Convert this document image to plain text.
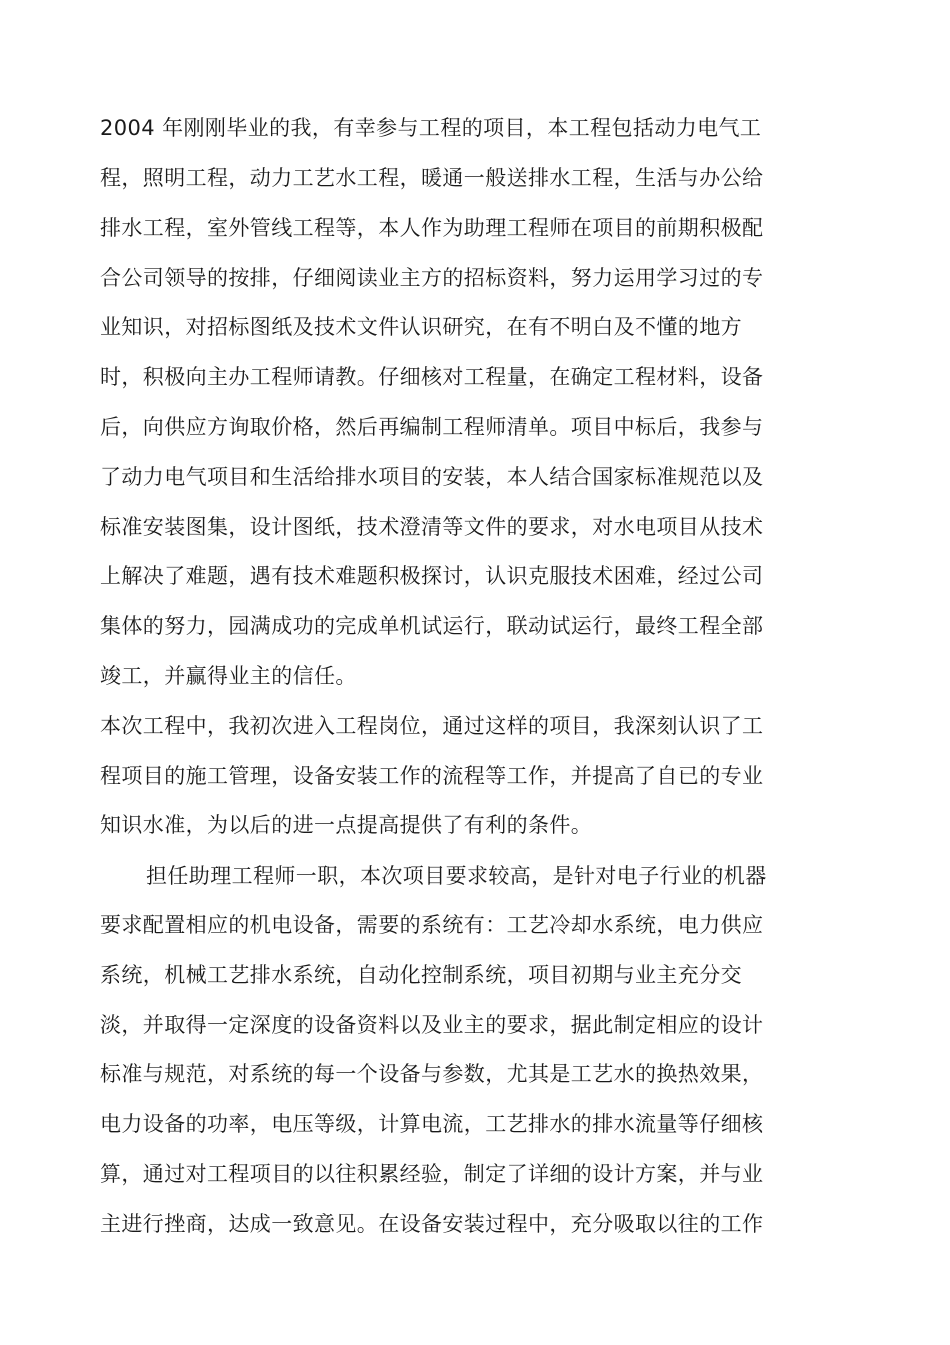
2004 年刚刚毕业的我，有幸参与工程的项目，本工程包括动力电气工
程，照明工程，动力工艺水工程，暖通一般送排水工程，生活与办公给
排水工程，室外管线工程等，本人作为助理工程师在项目的前期积极配
合公司领导的按排，仔细阅读业主方的招标资料，努力运用学习过的专
业知识，对招标图纸及技术文件认识研究，在有不明白及不懂的地方
时，积极向主办工程师请教。仔细核对工程量，在确定工程材料，设备
后，向供应方询取价格，然后再编制工程师清单。项目中标后，我参与
了动力电气项目和生活给排水项目的安装，本人结合国家标准规范以及
标准安装图集，设计图纸，技术澄清等文件的要求，对水电项目从技术
上解决了难题，遇有技术难题积极探讨，认识克服技术困难，经过公司
集体的努力，园满成功的完成单机试运行，联动试运行，最终工程全部
竣工，并赢得业主的信任。
本次工程中，我初次进入工程岗位，通过这样的项目，我深刻认识了工
程项目的施工管理，设备安装工作的流程等工作，并提高了自已的专业
知识水准，为以后的进一点提高提供了有利的条件。
担任助理工程师一职，本次项目要求较高，是针对电子行业的机器
要求配置相应的机电设备，需要的系统有：工艺冷却水系统，电力供应
系统，机械工艺排水系统，自动化控制系统，项目初期与业主充分交
淡，并取得一定深度的设备资料以及业主的要求，据此制定相应的设计
标准与规范，对系统的每一个设备与参数，尤其是工艺水的换热效果，
电力设备的功率，电压等级，计算电流，工艺排水的排水流量等仔细核
算，通过对工程项目的以往积累经验，制定了详细的设计方案，并与业
主进行挫商，达成一致意见。在设备安装过程中，充分吸取以往的工作
